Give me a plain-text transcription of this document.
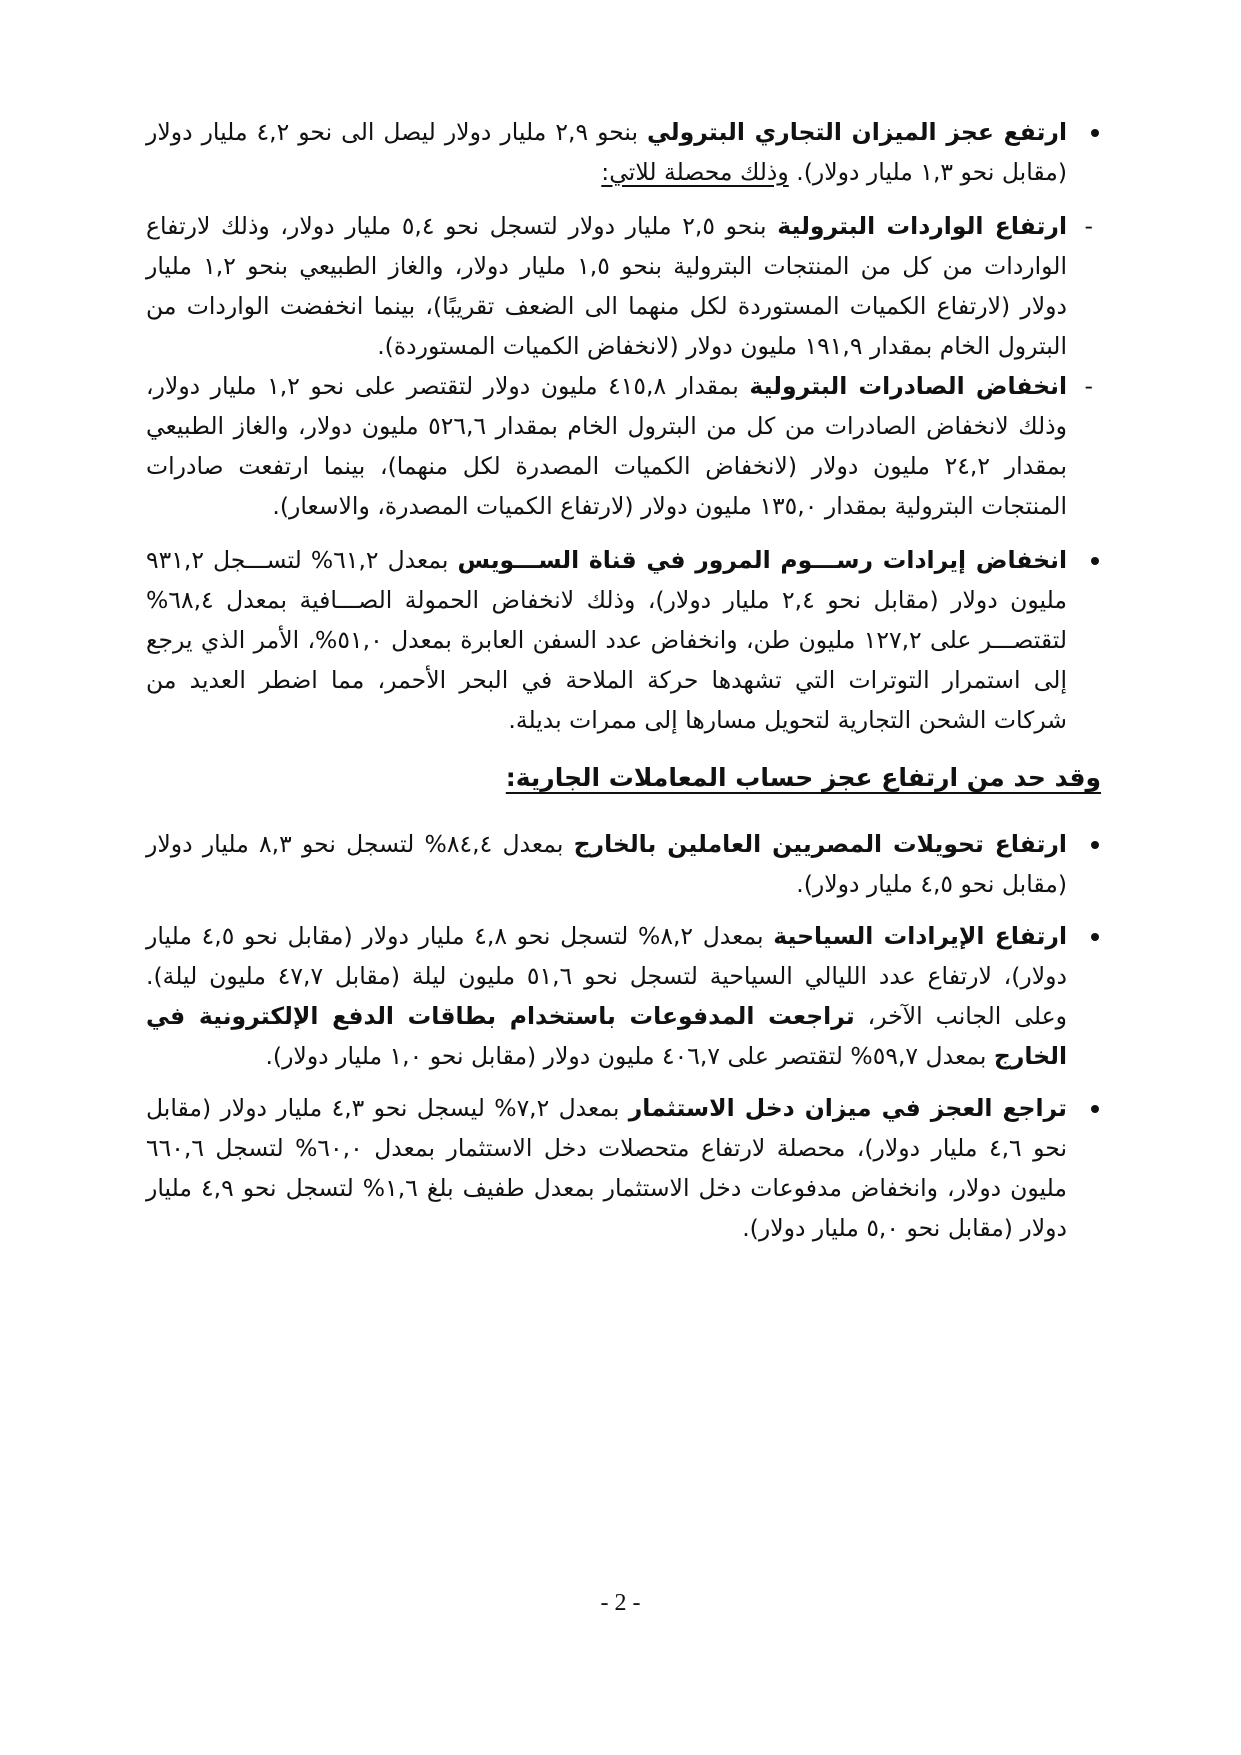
ارتفع عجز الميزان التجاري البترولي بنحو ٢,٩ مليار دولار ليصل الى نحو ٤,٢ مليار دولار (مقابل نحو ١,٣ مليار دولار). وذلك محصلة للاتي:

-

ارتفاع الواردات البترولية بنحو ٢,٥ مليار دولار لتسجل نحو ٥,٤ مليار دولار، وذلك لارتفاع الواردات من كل من المنتجات البترولية بنحو ١,٥ مليار دولار، والغاز الطبيعي بنحو ١,٢ مليار دولار (لارتفاع الكميات المستوردة لكل منهما الى الضعف تقريبًا)، بينما انخفضت الواردات من البترول الخام بمقدار ١٩١,٩ مليون دولار (لانخفاض الكميات المستوردة).

-

انخفاض الصادرات البترولية بمقدار ٤١٥,٨ مليون دولار لتقتصر على نحو ١,٢ مليار دولار، وذلك لانخفاض الصادرات من كل من البترول الخام بمقدار ٥٢٦,٦ مليون دولار، والغاز الطبيعي بمقدار ٢٤,٢ مليون دولار (لانخفاض الكميات المصدرة لكل منهما)، بينما ارتفعت صادرات المنتجات البترولية بمقدار ١٣٥,٠ مليون دولار (لارتفاع الكميات المصدرة، والاسعار).

انخفاض إيرادات رســـوم المرور في قناة الســـويس بمعدل ٦١,٢% لتســـجل ٩٣١,٢ مليون دولار (مقابل نحو ٢,٤ مليار دولار)، وذلك لانخفاض الحمولة الصـــافية بمعدل ٦٨,٤% لتقتصـــر على ١٢٧,٢ مليون طن، وانخفاض عدد السفن العابرة بمعدل ٥١,٠%، الأمر الذي يرجع إلى استمرار التوترات التي تشهدها حركة الملاحة في البحر الأحمر، مما اضطر العديد من شركات الشحن التجارية لتحويل مسارها إلى ممرات بديلة.

وقد حد من ارتفاع عجز حساب المعاملات الجارية:

ارتفاع تحويلات المصريين العاملين بالخارج بمعدل ٨٤,٤% لتسجل نحو ٨,٣ مليار دولار (مقابل نحو ٤,٥ مليار دولار).

ارتفاع الإيرادات السياحية بمعدل ٨,٢% لتسجل نحو ٤,٨ مليار دولار (مقابل نحو ٤,٥ مليار دولار)، لارتفاع عدد الليالي السياحية لتسجل نحو ٥١,٦ مليون ليلة (مقابل ٤٧,٧ مليون ليلة). وعلى الجانب الآخر، تراجعت المدفوعات باستخدام بطاقات الدفع الإلكترونية في الخارج بمعدل ٥٩,٧% لتقتصر على ٤٠٦,٧ مليون دولار (مقابل نحو ١,٠ مليار دولار).

تراجع العجز في ميزان دخل الاستثمار بمعدل ٧,٢% ليسجل نحو ٤,٣ مليار دولار (مقابل نحو ٤,٦ مليار دولار)، محصلة لارتفاع متحصلات دخل الاستثمار بمعدل ٦٠,٠% لتسجل ٦٦٠,٦ مليون دولار، وانخفاض مدفوعات دخل الاستثمار بمعدل طفيف بلغ ١,٦% لتسجل نحو ٤,٩ مليار دولار (مقابل نحو ٥,٠ مليار دولار).

- 2 -
